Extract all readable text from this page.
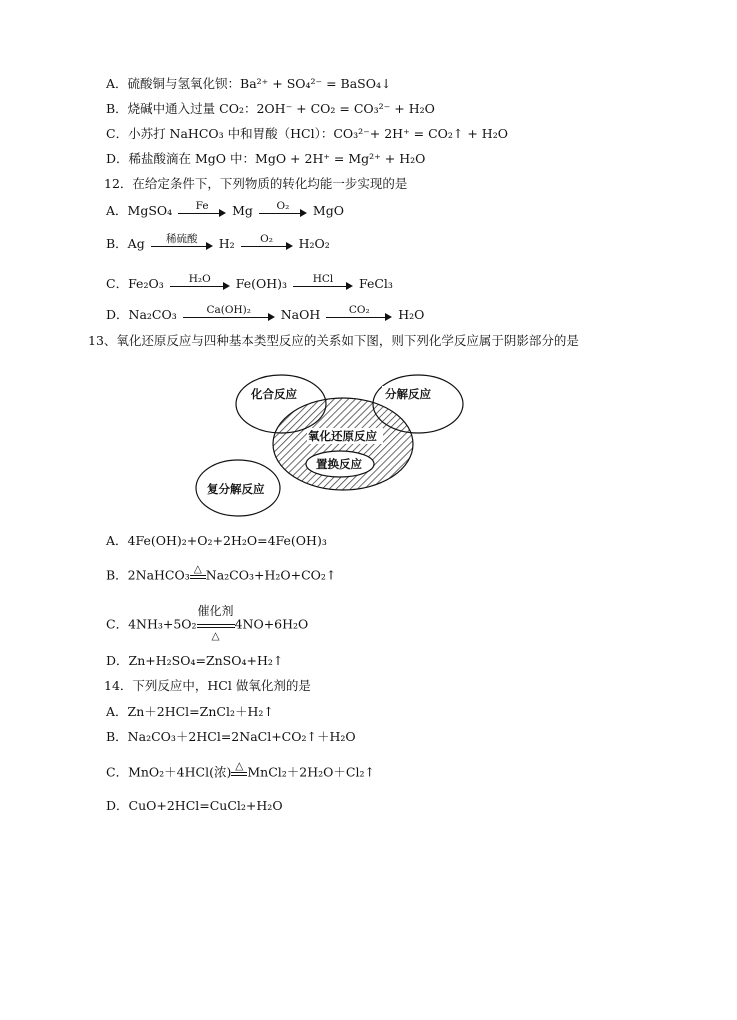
A．硫酸铜与氢氧化钡：Ba²⁺ + SO₄²⁻ = BaSO₄↓
B．烧碱中通入过量 CO₂：2OH⁻ + CO₂ = CO₃²⁻ + H₂O
C．小苏打 NaHCO₃ 中和胃酸（HCl）：CO₃²⁻+ 2H⁺ = CO₂↑ + H₂O
D．稀盐酸滴在 MgO 中：MgO + 2H⁺ = Mg²⁺ + H₂O
12．在给定条件下，下列物质的转化均能一步实现的是
A．MgSO₄	Fe	Mg	O₂	MgO
B．Ag	稀硫酸	H₂	O₂	H₂O₂
C．Fe₂O₃	H₂O	Fe(OH)₃	HCl	FeCl₃
D．Na₂CO₃	Ca(OH)₂	NaOH	CO₂	H₂O
13、氧化还原反应与四种基本类型反应的关系如下图，则下列化学反应属于阴影部分的是
化合反应	分解反应
氧化还原反应
置换反应
复分解反应
A．4Fe(OH)₂+O₂+2H₂O=4Fe(OH)₃
B．2NaHCO₃ △ Na₂CO₃+H₂O+CO₂↑
C．4NH₃+5O₂
催化剂
△
4NO+6H₂O
D．Zn+H₂SO₄=ZnSO₄+H₂↑
14．下列反应中，HCl 做氧化剂的是
A．Zn＋2HCl=ZnCl₂＋H₂↑
B．Na₂CO₃＋2HCl=2NaCl+CO₂↑＋H₂O
C．MnO₂＋4HCl(浓) △ MnCl₂＋2H₂O＋Cl₂↑
D．CuO+2HCl=CuCl₂+H₂O
